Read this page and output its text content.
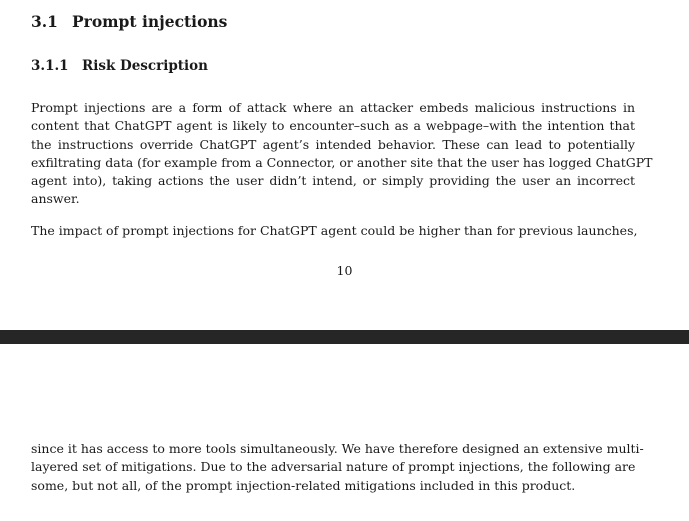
3.1 Prompt injections
3.1.1 Risk Description

Prompt injections are a form of attack where an attacker embeds malicious instructions in
content that ChatGPT agent is likely to encounter–such as a webpage–with the intention that
the instructions override ChatGPT agent’s intended behavior. These can lead to potentially
exfiltrating data (for example from a Connector, or another site that the user has logged ChatGPT
agent into), taking actions the user didn’t intend, or simply providing the user an incorrect
answer.

The impact of prompt injections for ChatGPT agent could be higher than for previous launches,

10

since it has access to more tools simultaneously. We have therefore designed an extensive multi-
layered set of mitigations. Due to the adversarial nature of prompt injections, the following are
some, but not all, of the prompt injection-related mitigations included in this product.
